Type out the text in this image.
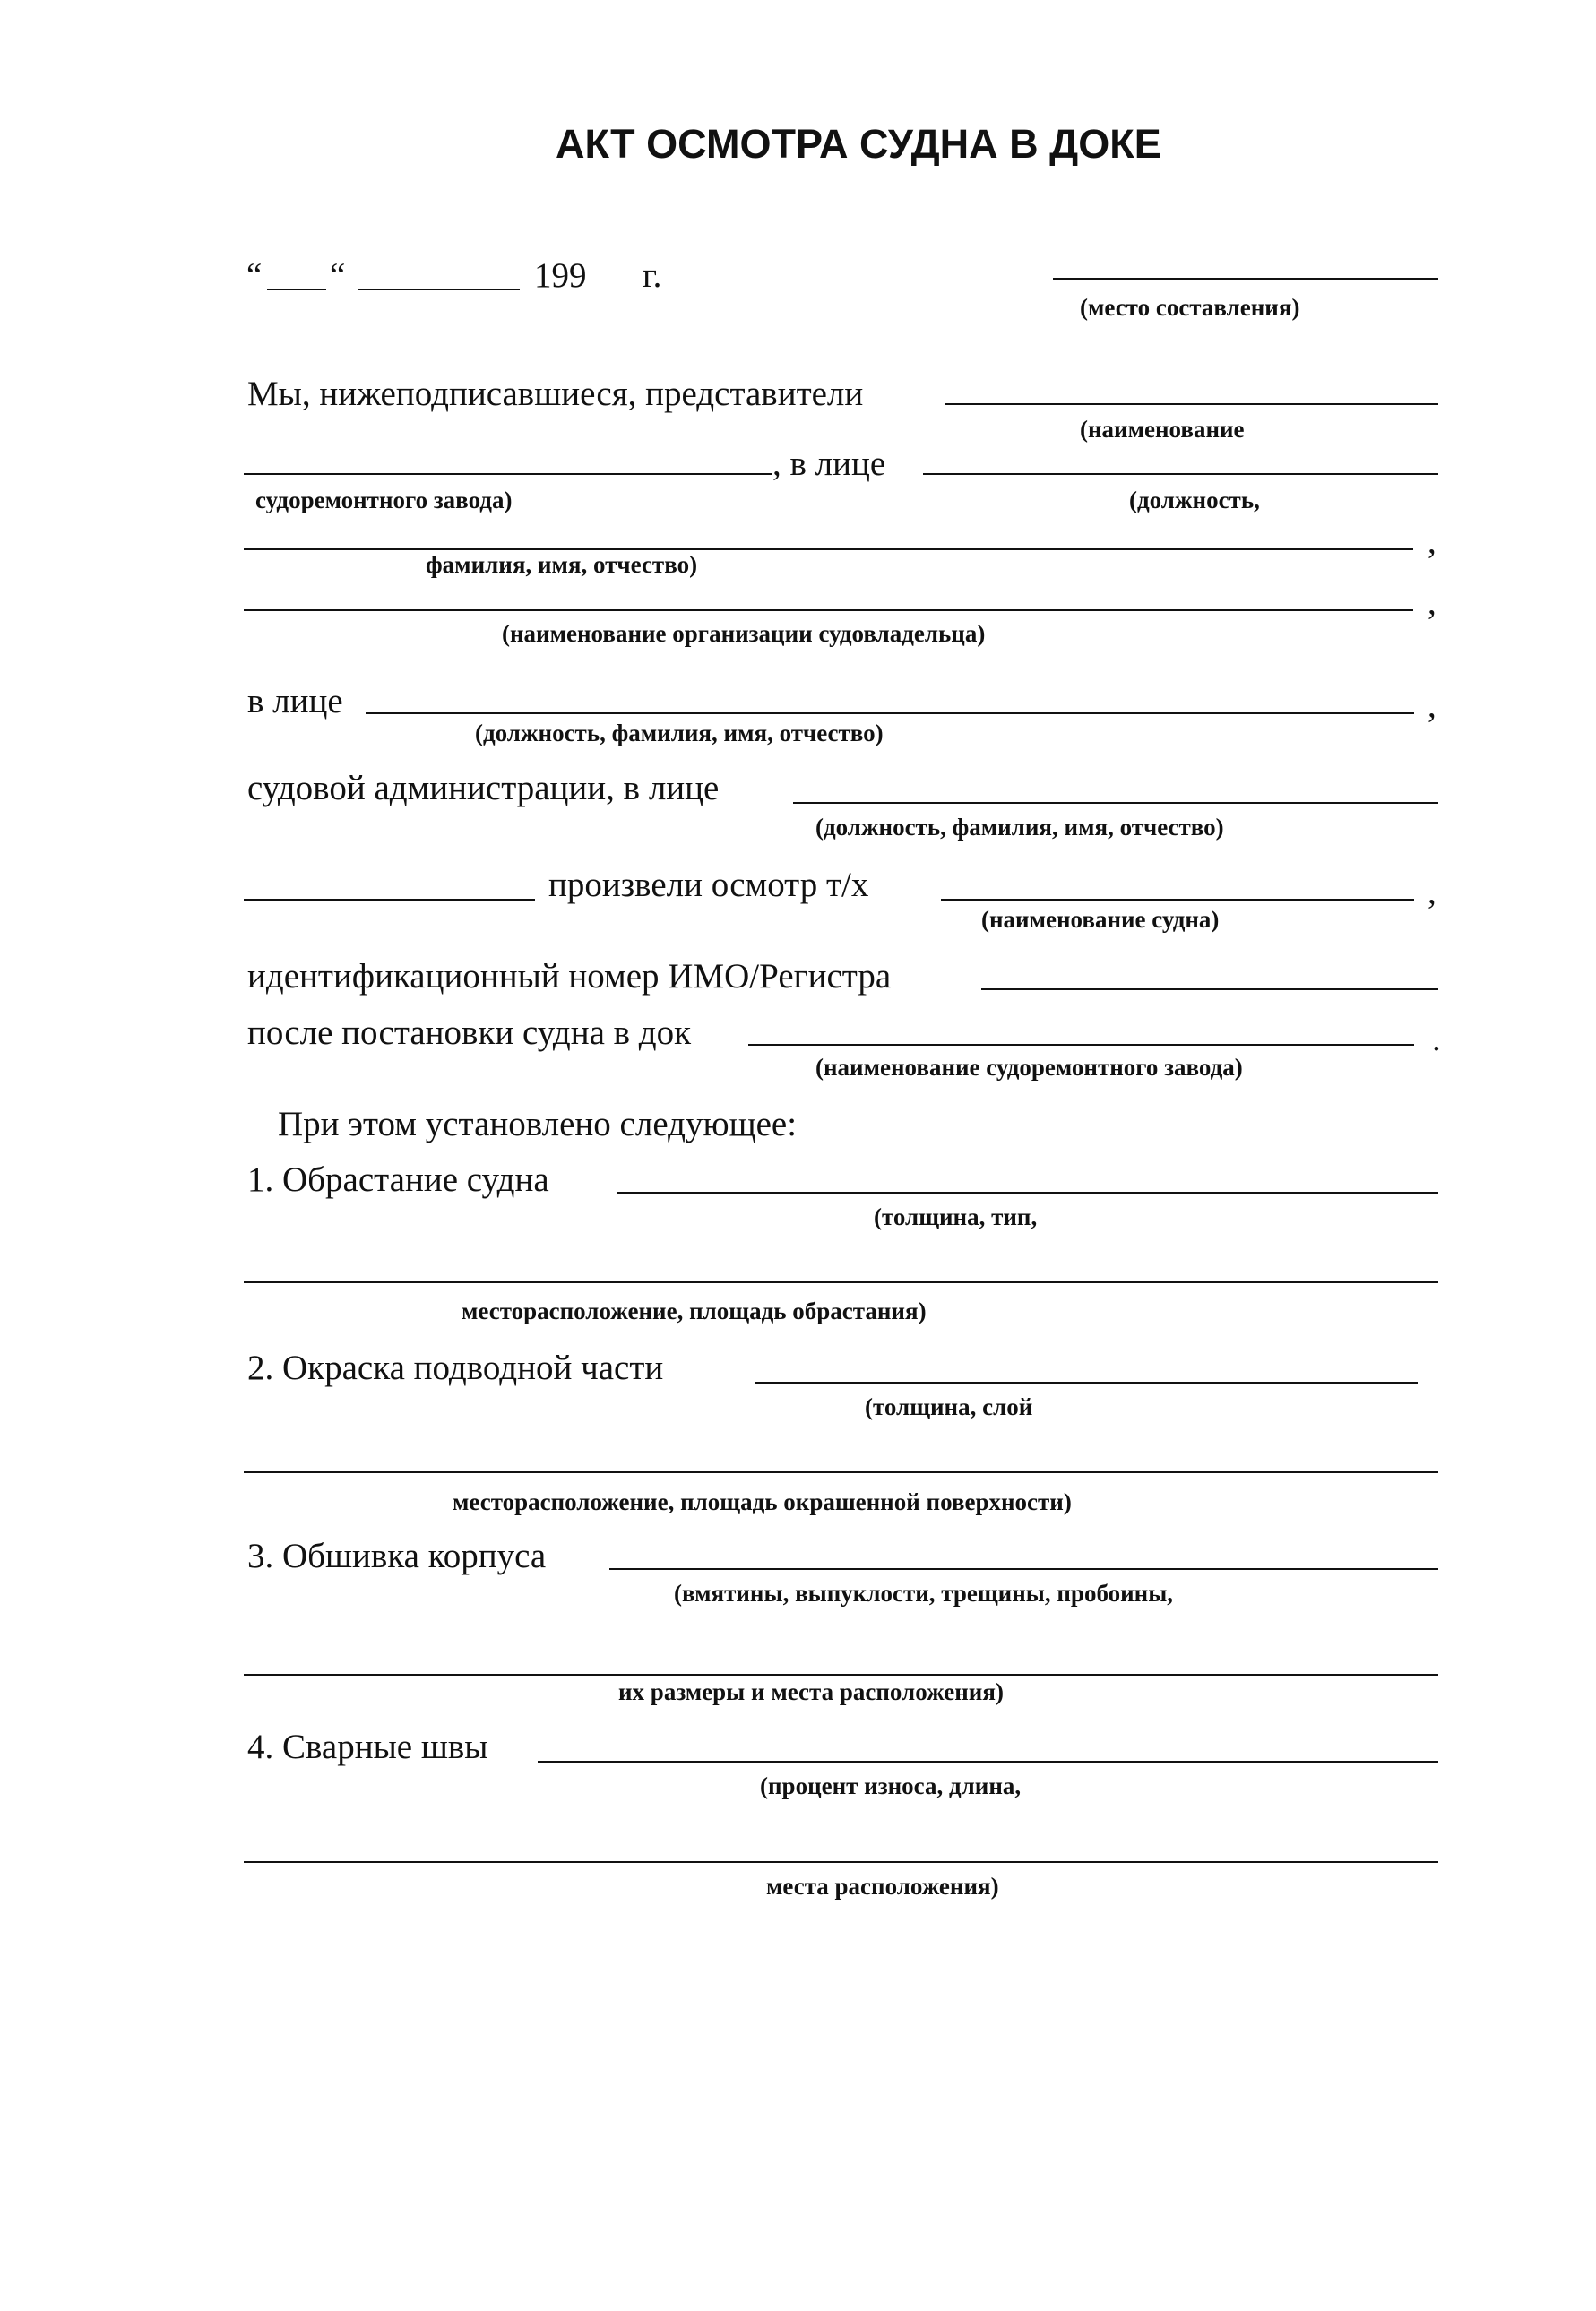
АКТ ОСМОТРА СУДНА В ДОКЕ
“ “	199 г.
(место составления)
Мы, нижеподписавшиеся, представители
(наименование
, в лице
судоремонтного завода)	(должность,
,
фамилия, имя, отчество)
,
(наименование организации судовладельца)
в лице	,
(должность, фамилия, имя, отчество)
судовой администрации, в лице
(должность, фамилия, имя, отчество)
произвели осмотр т/х	,
(наименование судна)
идентификационный номер ИМО/Регистра
после постановки судна в док	.
(наименование судоремонтного завода)
При этом установлено следующее:
1. Обрастание судна
(толщина, тип,
месторасположение, площадь обрастания)
2. Окраска подводной части
(толщина, слой
месторасположение, площадь окрашенной поверхности)
3. Обшивка корпуса
(вмятины, выпуклости, трещины, пробоины,
их размеры и места расположения)
4. Сварные швы
(процент износа, длина,
места расположения)
